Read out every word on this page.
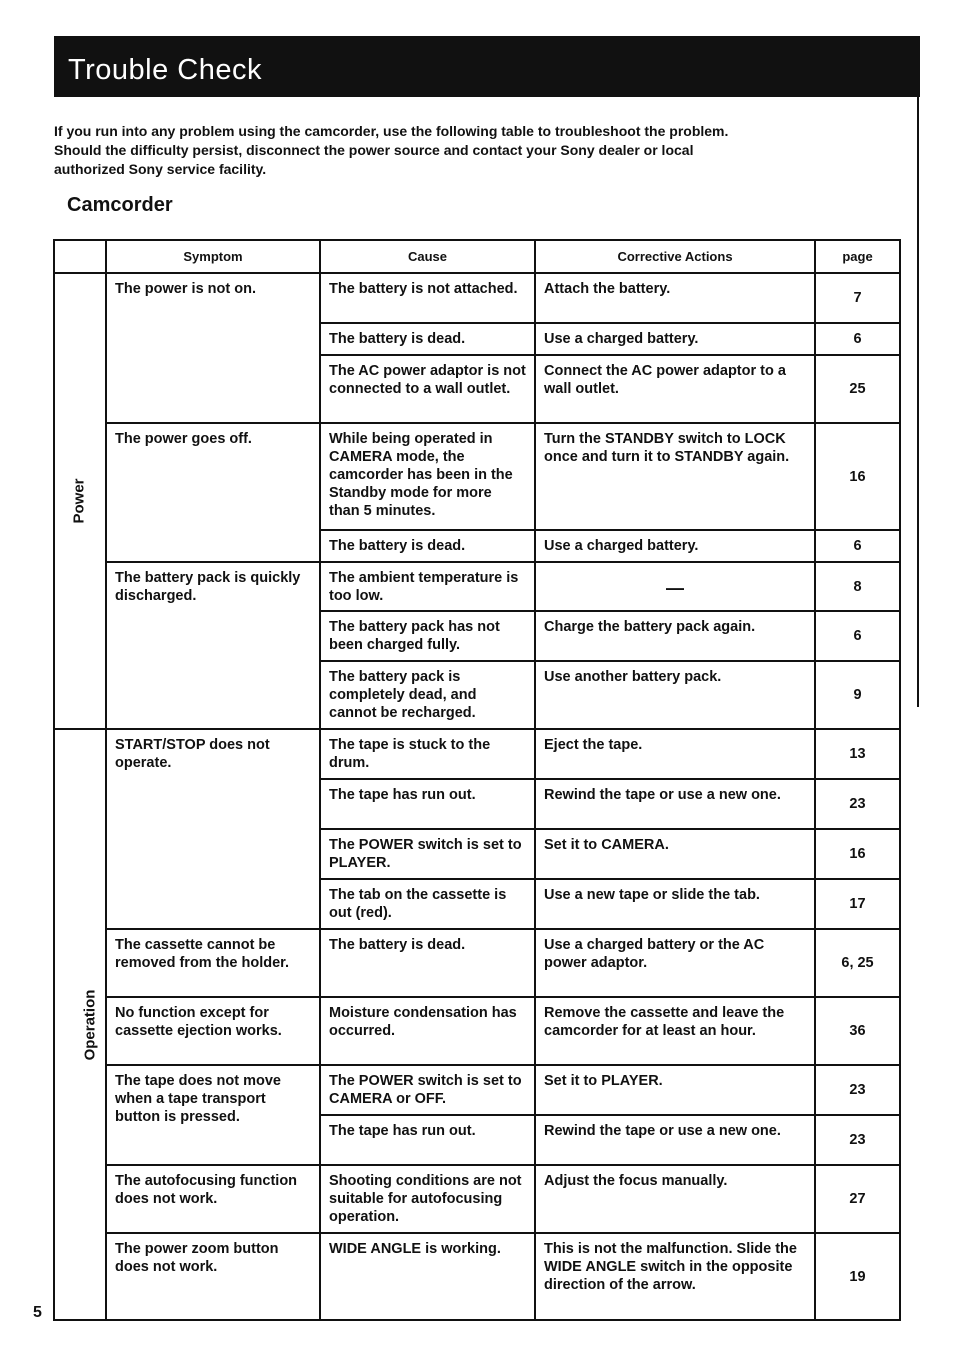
Trouble Check
If you run into any problem using the camcorder, use the following table to troubleshoot the problem.
Should the difficulty persist, disconnect the power source and contact your Sony dealer or local
authorized Sony service facility.
Camcorder
	Symptom	Cause	Corrective Actions	page
Power	The power is not on.	The battery is not attached.	Attach the battery.	7
		The battery is dead.	Use a charged battery.	6
		The AC power adaptor is not connected to a wall outlet.	Connect the AC power adaptor to a wall outlet.	25
	The power goes off.	While being operated in CAMERA mode, the camcorder has been in the Standby mode for more than 5 minutes.	Turn the STANDBY switch to LOCK once and turn it to STANDBY again.	16
		The battery is dead.	Use a charged battery.	6
	The battery pack is quickly discharged.	The ambient temperature is too low.	—	8
		The battery pack has not been charged fully.	Charge the battery pack again.	6
		The battery pack is completely dead, and cannot be recharged.	Use another battery pack.	9
Operation	START/STOP does not operate.	The tape is stuck to the drum.	Eject the tape.	13
		The tape has run out.	Rewind the tape or use a new one.	23
		The POWER switch is set to PLAYER.	Set it to CAMERA.	16
		The tab on the cassette is out (red).	Use a new tape or slide the tab.	17
	The cassette cannot be removed from the holder.	The battery is dead.	Use a charged battery or the AC power adaptor.	6, 25
	No function except for cassette ejection works.	Moisture condensation has occurred.	Remove the cassette and leave the camcorder for at least an hour.	36
	The tape does not move when a tape transport button is pressed.	The POWER switch is set to CAMERA or OFF.	Set it to PLAYER.	23
		The tape has run out.	Rewind the tape or use a new one.	23
	The autofocusing function does not work.	Shooting conditions are not suitable for autofocusing operation.	Adjust the focus manually.	27
	The power zoom button does not work.	WIDE ANGLE is working.	This is not the malfunction. Slide the WIDE ANGLE switch in the opposite direction of the arrow.	19
5
